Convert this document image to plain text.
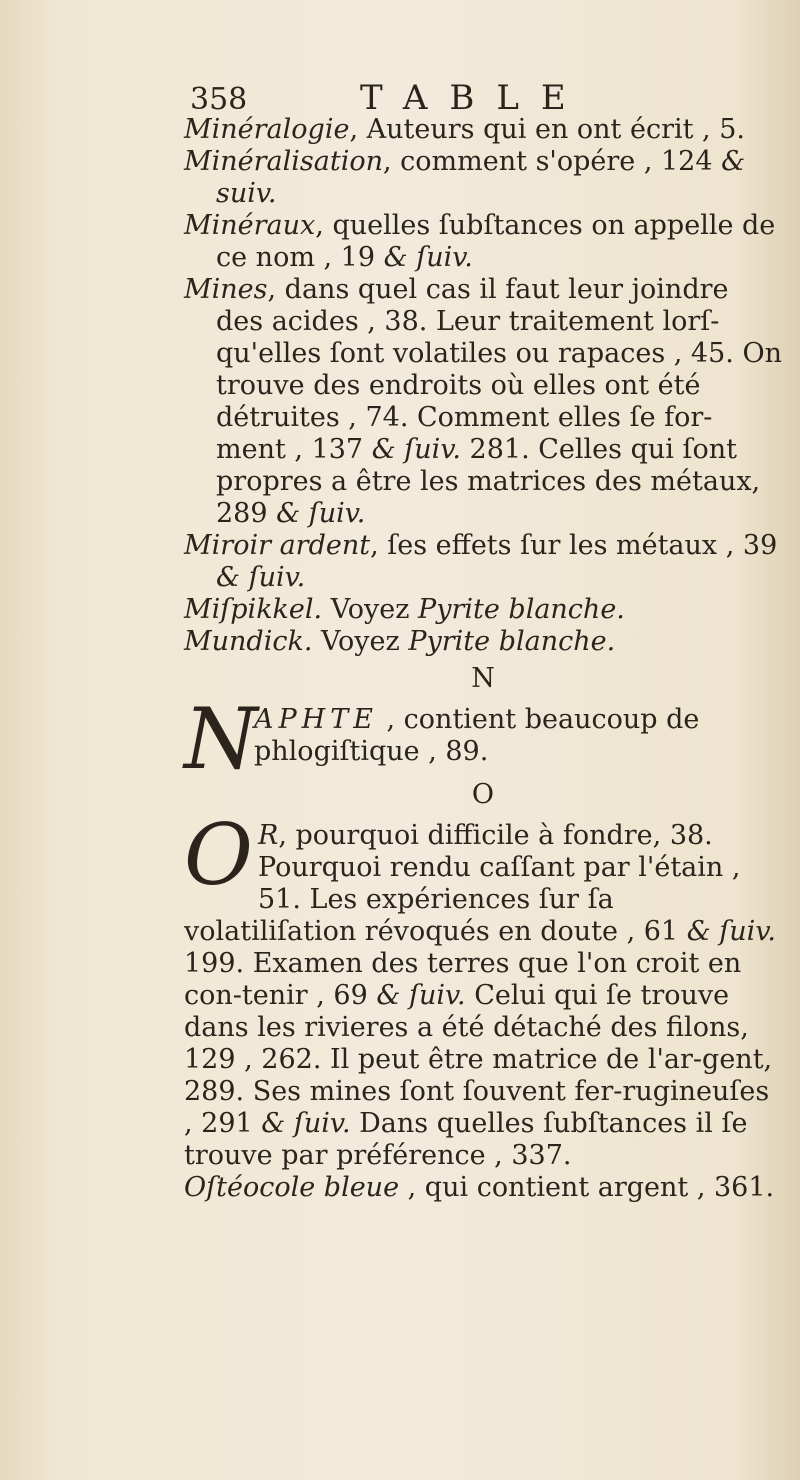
358	TABLE

Minéralogie, Auteurs qui en ont écrit , 5.

Minéralisation, comment s'opére , 124 & suiv.

Minéraux, quelles ſubſtances on appelle de ce nom , 19 & ſuiv.

Mines, dans quel cas il faut leur joindre des acides , 38. Leur traitement lorſ-qu'elles ſont volatiles ou rapaces , 45. On trouve des endroits où elles ont été détruites , 74. Comment elles ſe for-ment , 137 & ſuiv. 281. Celles qui ſont propres a être les matrices des métaux, 289 & ſuiv.

Miroir ardent, ſes effets ſur les métaux , 39 & ſuiv.

Miſpikkel. Voyez Pyrite blanche.

Mundick. Voyez Pyrite blanche.

N
N
APHTE , contient beaucoup de phlogiſtique , 89.
O
O R, pourquoi difficile à fondre, 38. Pourquoi rendu caſſant par l'étain , 51. Les expériences ſur ſa volatiliſation révoqués en doute , 61 & ſuiv. 199. Examen des terres que l'on croit en con-tenir , 69 & ſuiv. Celui qui ſe trouve dans les rivieres a été détaché des filons, 129 , 262. Il peut être matrice de l'ar-gent, 289. Ses mines ſont ſouvent fer-rugineuſes , 291 & ſuiv. Dans quelles ſubſtances il ſe trouve par préférence , 337.

Oſtéocole bleue , qui contient argent , 361.
